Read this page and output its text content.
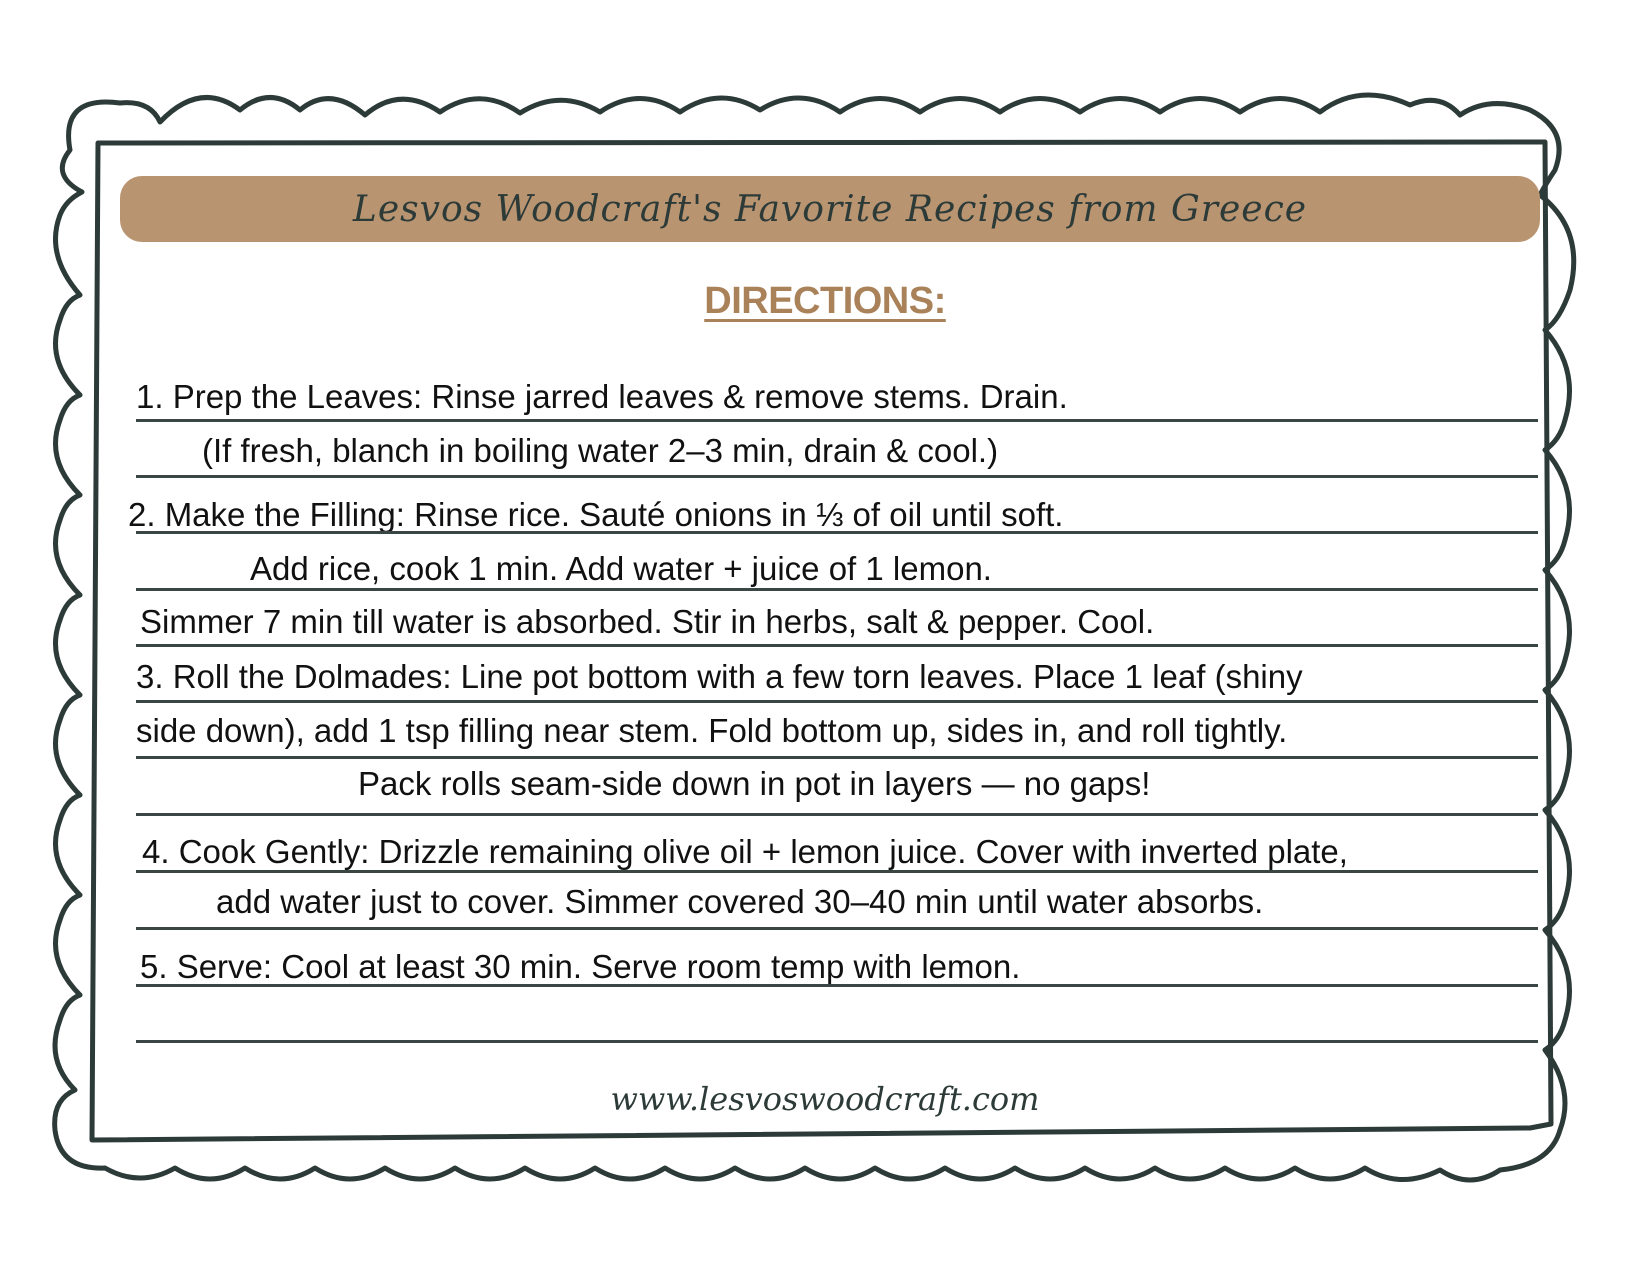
Lesvos Woodcraft's Favorite Recipes from Greece
DIRECTIONS:
1. Prep the Leaves: Rinse jarred leaves & remove stems. Drain.
(If fresh, blanch in boiling water 2–3 min, drain & cool.)
2. Make the Filling: Rinse rice. Sauté onions in ⅓ of oil until soft.
Add rice, cook 1 min. Add water + juice of 1 lemon.
Simmer 7 min till water is absorbed. Stir in herbs, salt & pepper. Cool.
3. Roll the Dolmades: Line pot bottom with a few torn leaves. Place 1 leaf (shiny
side down), add 1 tsp filling near stem. Fold bottom up, sides in, and roll tightly.
Pack rolls seam-side down in pot in layers — no gaps!
4. Cook Gently: Drizzle remaining olive oil + lemon juice. Cover with inverted plate,
add water just to cover. Simmer covered 30–40 min until water absorbs.
5. Serve: Cool at least 30 min. Serve room temp with lemon.
www.lesvoswoodcraft.com
